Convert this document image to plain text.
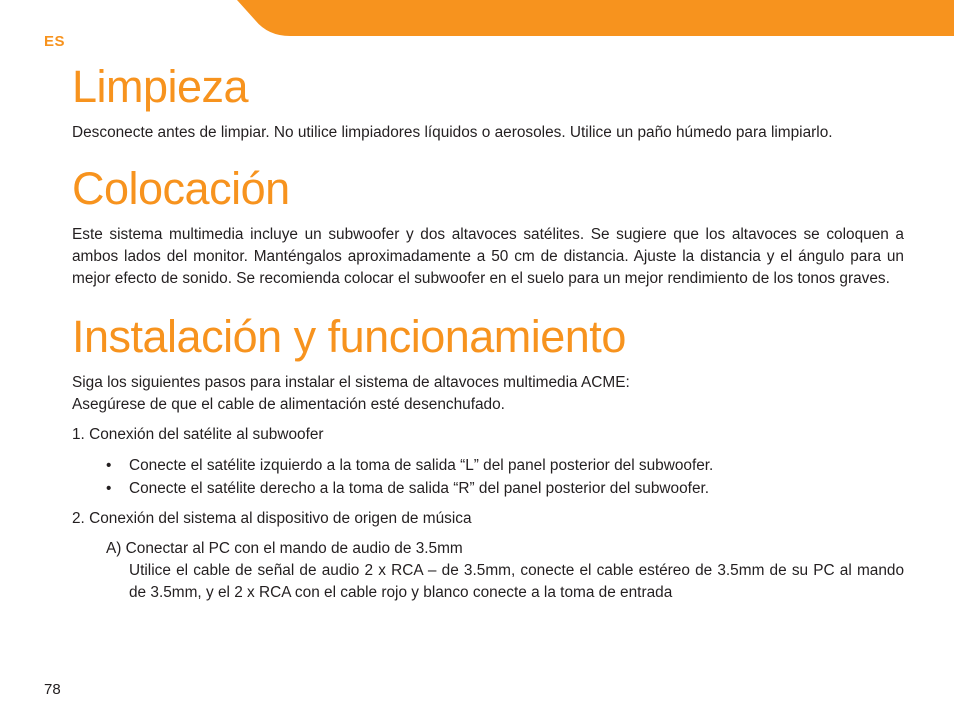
ES
Limpieza

Desconecte antes de limpiar. No utilice limpiadores líquidos o aerosoles. Utilice un paño húmedo para limpiarlo.

Colocación

Este sistema multimedia incluye un subwoofer y dos altavoces satélites. Se sugiere que los altavoces se coloquen a ambos lados del monitor. Manténgalos aproximadamente a 50 cm de distancia. Ajuste la distancia y el ángulo para un mejor efecto de sonido. Se recomienda colocar el subwoofer en el suelo para un mejor rendimiento de los tonos graves.

Instalación y funcionamiento

Siga los siguientes pasos para instalar el sistema de altavoces multimedia ACME:

Asegúrese de que el cable de alimentación esté desenchufado.

1. Conexión del satélite al subwoofer

• Conecte el satélite izquierdo a la toma de salida “L” del panel posterior del subwoofer.
• Conecte el satélite derecho a la toma de salida “R” del panel posterior del subwoofer.

2. Conexión del sistema al dispositivo de origen de música

A) Conectar al PC con el mando de audio de 3.5mm
Utilice el cable de señal de audio 2 x RCA – de 3.5mm, conecte el cable estéreo de 3.5mm de su PC al mando de 3.5mm, y el 2 x RCA con el cable rojo y blanco conecte a la toma de entrada
78
